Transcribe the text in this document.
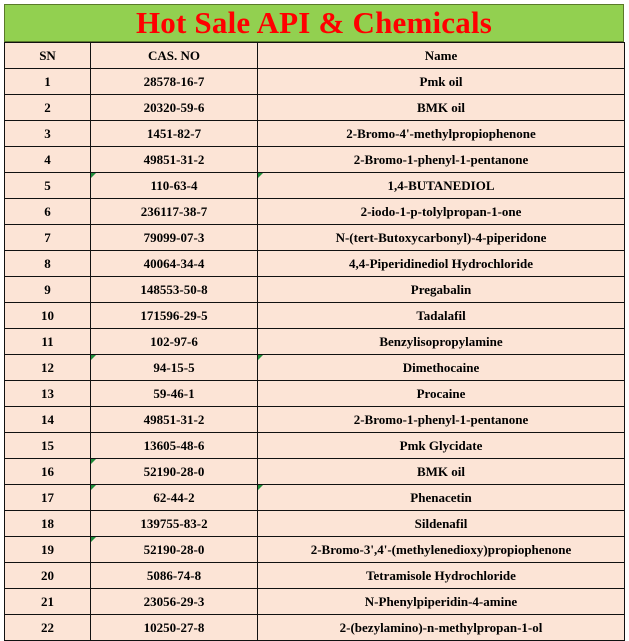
Hot Sale API & Chemicals
SN	CAS. NO	Name
1	28578-16-7	Pmk oil
2	20320-59-6	BMK oil
3	1451-82-7	2-Bromo-4'-methylpropiophenone
4	49851-31-2	2-Bromo-1-phenyl-1-pentanone
5	110-63-4	1,4-BUTANEDIOL
6	236117-38-7	2-iodo-1-p-tolylpropan-1-one
7	79099-07-3	N-(tert-Butoxycarbonyl)-4-piperidone
8	40064-34-4	4,4-Piperidinediol Hydrochloride
9	148553-50-8	Pregabalin
10	171596-29-5	Tadalafil
11	102-97-6	Benzylisopropylamine
12	94-15-5	Dimethocaine
13	59-46-1	Procaine
14	49851-31-2	2-Bromo-1-phenyl-1-pentanone
15	13605-48-6	Pmk Glycidate
16	52190-28-0	BMK oil
17	62-44-2	Phenacetin
18	139755-83-2	Sildenafil
19	52190-28-0	2-Bromo-3',4'-(methylenedioxy)propiophenone
20	5086-74-8	Tetramisole Hydrochloride
21	23056-29-3	N-Phenylpiperidin-4-amine
22	10250-27-8	2-(bezylamino)-n-methylpropan-1-ol
